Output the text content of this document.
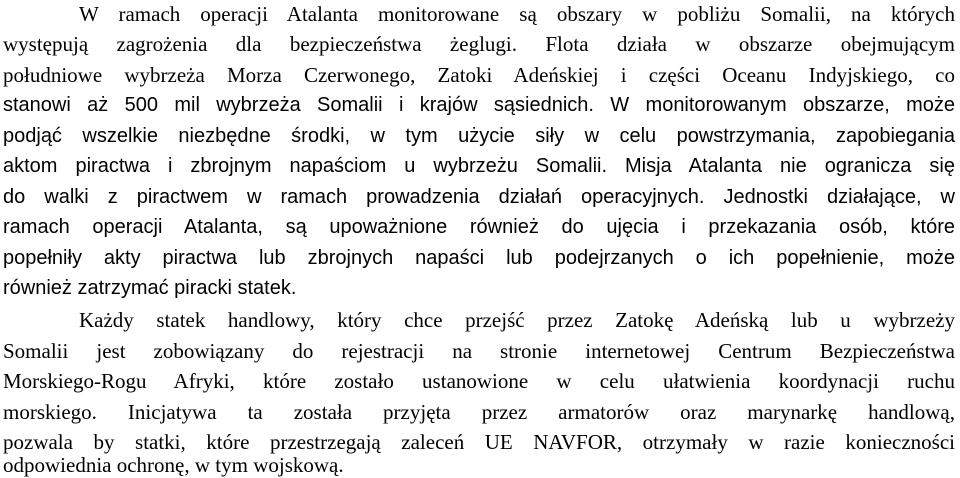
W ramach operacji Atalanta monitorowane są obszary w pobliżu Somalii, na których
występują zagrożenia dla bezpieczeństwa żeglugi. Flota działa w obszarze obejmującym
południowe wybrzeża Morza Czerwonego, Zatoki Adeńskiej i części Oceanu Indyjskiego, co
stanowi aż 500 mil wybrzeża Somalii i krajów sąsiednich. W monitorowanym obszarze, może
podjąć wszelkie niezbędne środki, w tym użycie siły w celu powstrzymania, zapobiegania
aktom piractwa i zbrojnym napaściom u wybrzeżu Somalii. Misja Atalanta nie ogranicza się
do walki z piractwem w ramach prowadzenia działań operacyjnych. Jednostki działające, w
ramach operacji Atalanta, są upoważnione również do ujęcia i przekazania osób, które
popełniły akty piractwa lub zbrojnych napaści lub podejrzanych o ich popełnienie, może
również zatrzymać piracki statek.
Każdy statek handlowy, który chce przejść przez Zatokę Adeńską lub u wybrzeży
Somalii jest zobowiązany do rejestracji na stronie internetowej Centrum Bezpieczeństwa
Morskiego-Rogu Afryki, które zostało ustanowione w celu ułatwienia koordynacji ruchu
morskiego. Inicjatywa ta została przyjęta przez armatorów oraz marynarkę handlową,
pozwala by statki, które przestrzegają zaleceń UE NAVFOR, otrzymały w razie konieczności
odpowiednia ochronę, w tym wojskową.
